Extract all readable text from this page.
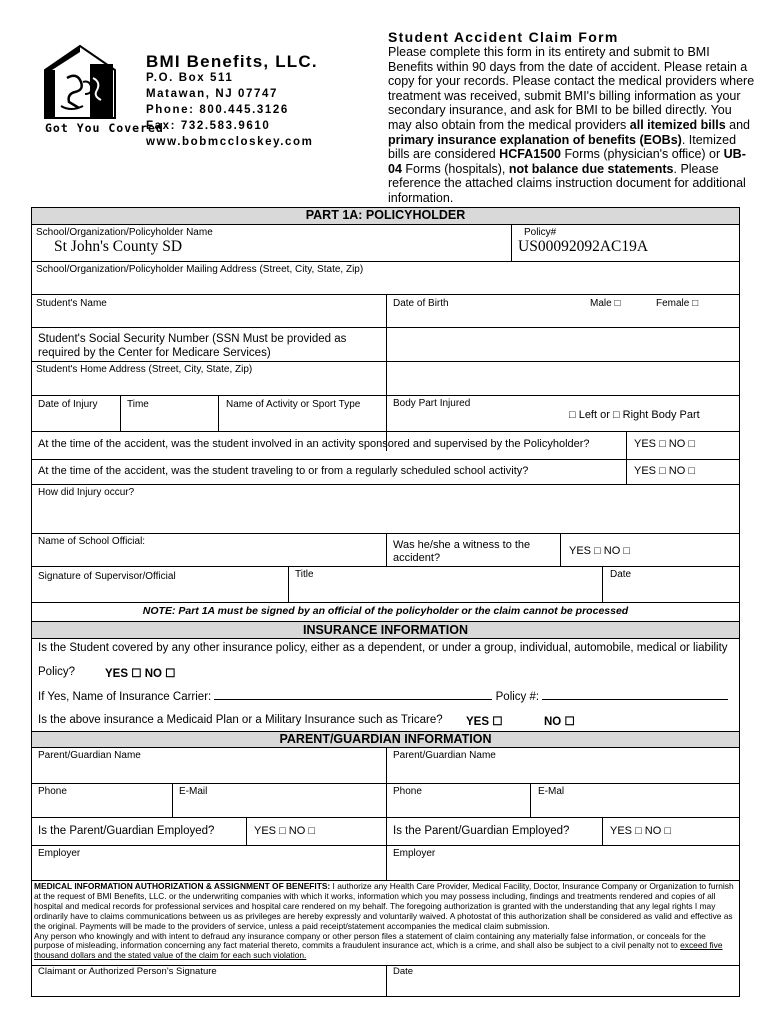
Got You Covered
BMI Benefits, LLC.
P.O. Box 511
Matawan, NJ 07747
Phone: 800.445.3126
Fax: 732.583.9610
www.bobmccloskey.com
Student Accident Claim Form
Please complete this form in its entirety and submit to BMI Benefits within 90 days from the date of accident. Please retain a copy for your records. Please contact the medical providers where treatment was received, submit BMI's billing information as your secondary insurance, and ask for BMI to be billed directly. You may also obtain from the medical providers all itemized bills and primary insurance explanation of benefits (EOBs). Itemized bills are considered HCFA1500 Forms (physician's office) or UB-04 Forms (hospitals), not balance due statements. Please reference the attached claims instruction document for additional information.
PART 1A: POLICYHOLDER
School/Organization/Policyholder Name
St John's County SD
Policy#
US00092092AC19A
School/Organization/Policyholder Mailing Address (Street, City, State, Zip)
Student's Name	Date of Birth	Male □	Female □
Student's Social Security Number (SSN Must be provided as required by the Center for Medicare Services)
Student's Home Address (Street, City, State, Zip)
Date of Injury	Time	Name of Activity or Sport Type	Body Part Injured
□ Left or □ Right Body Part
At the time of the accident, was the student involved in an activity sponsored and supervised by the Policyholder?	YES □ NO □
At the time of the accident, was the student traveling to or from a regularly scheduled school activity?	YES □ NO □
How did Injury occur?
Name of School Official:	Was he/she a witness to the accident?
YES □ NO □
Signature of Supervisor/Official	Title	Date
NOTE: Part 1A must be signed by an official of the policyholder or the claim cannot be processed
INSURANCE INFORMATION
Is the Student covered by any other insurance policy, either as a dependent, or under a group, individual, automobile, medical or liability
Policy?	YES ☐ NO ☐
If Yes, Name of Insurance Carrier:	Policy #:
Is the above insurance a Medicaid Plan or a Military Insurance such as Tricare? YES ☐	NO ☐
PARENT/GUARDIAN INFORMATION
Parent/Guardian Name	Parent/Guardian Name
Phone	E-Mail	Phone	E-Mal
Is the Parent/Guardian Employed?	YES □ NO □	Is the Parent/Guardian Employed?	YES □ NO □
Employer	Employer
MEDICAL INFORMATION AUTHORIZATION & ASSIGNMENT OF BENEFITS: I authorize any Health Care Provider, Medical Facility, Doctor, Insurance Company or Organization to furnish at the request of BMI Benefits, LLC. or the underwriting companies with which it works, information which you may possess including, findings and treatments rendered and copies of all hospital and medical records for professional services and hospital care rendered on my behalf. The foregoing authorization is granted with the understanding that any legal rights I may ordinarily have to claims communications between us as privileges are hereby expressly and voluntarily waived. A photostat of this authorization shall be considered as valid and effective as the original. Payments will be made to the providers of service, unless a paid receipt/statement accompanies the medical claim submission.
Any person who knowingly and with intent to defraud any insurance company or other person files a statement of claim containing any materially false information, or conceals for the purpose of misleading, information concerning any fact material thereto, commits a fraudulent insurance act, which is a crime, and shall also be subject to a civil penalty not to exceed five thousand dollars and the stated value of the claim for each such violation.
Claimant or Authorized Person's Signature	Date
